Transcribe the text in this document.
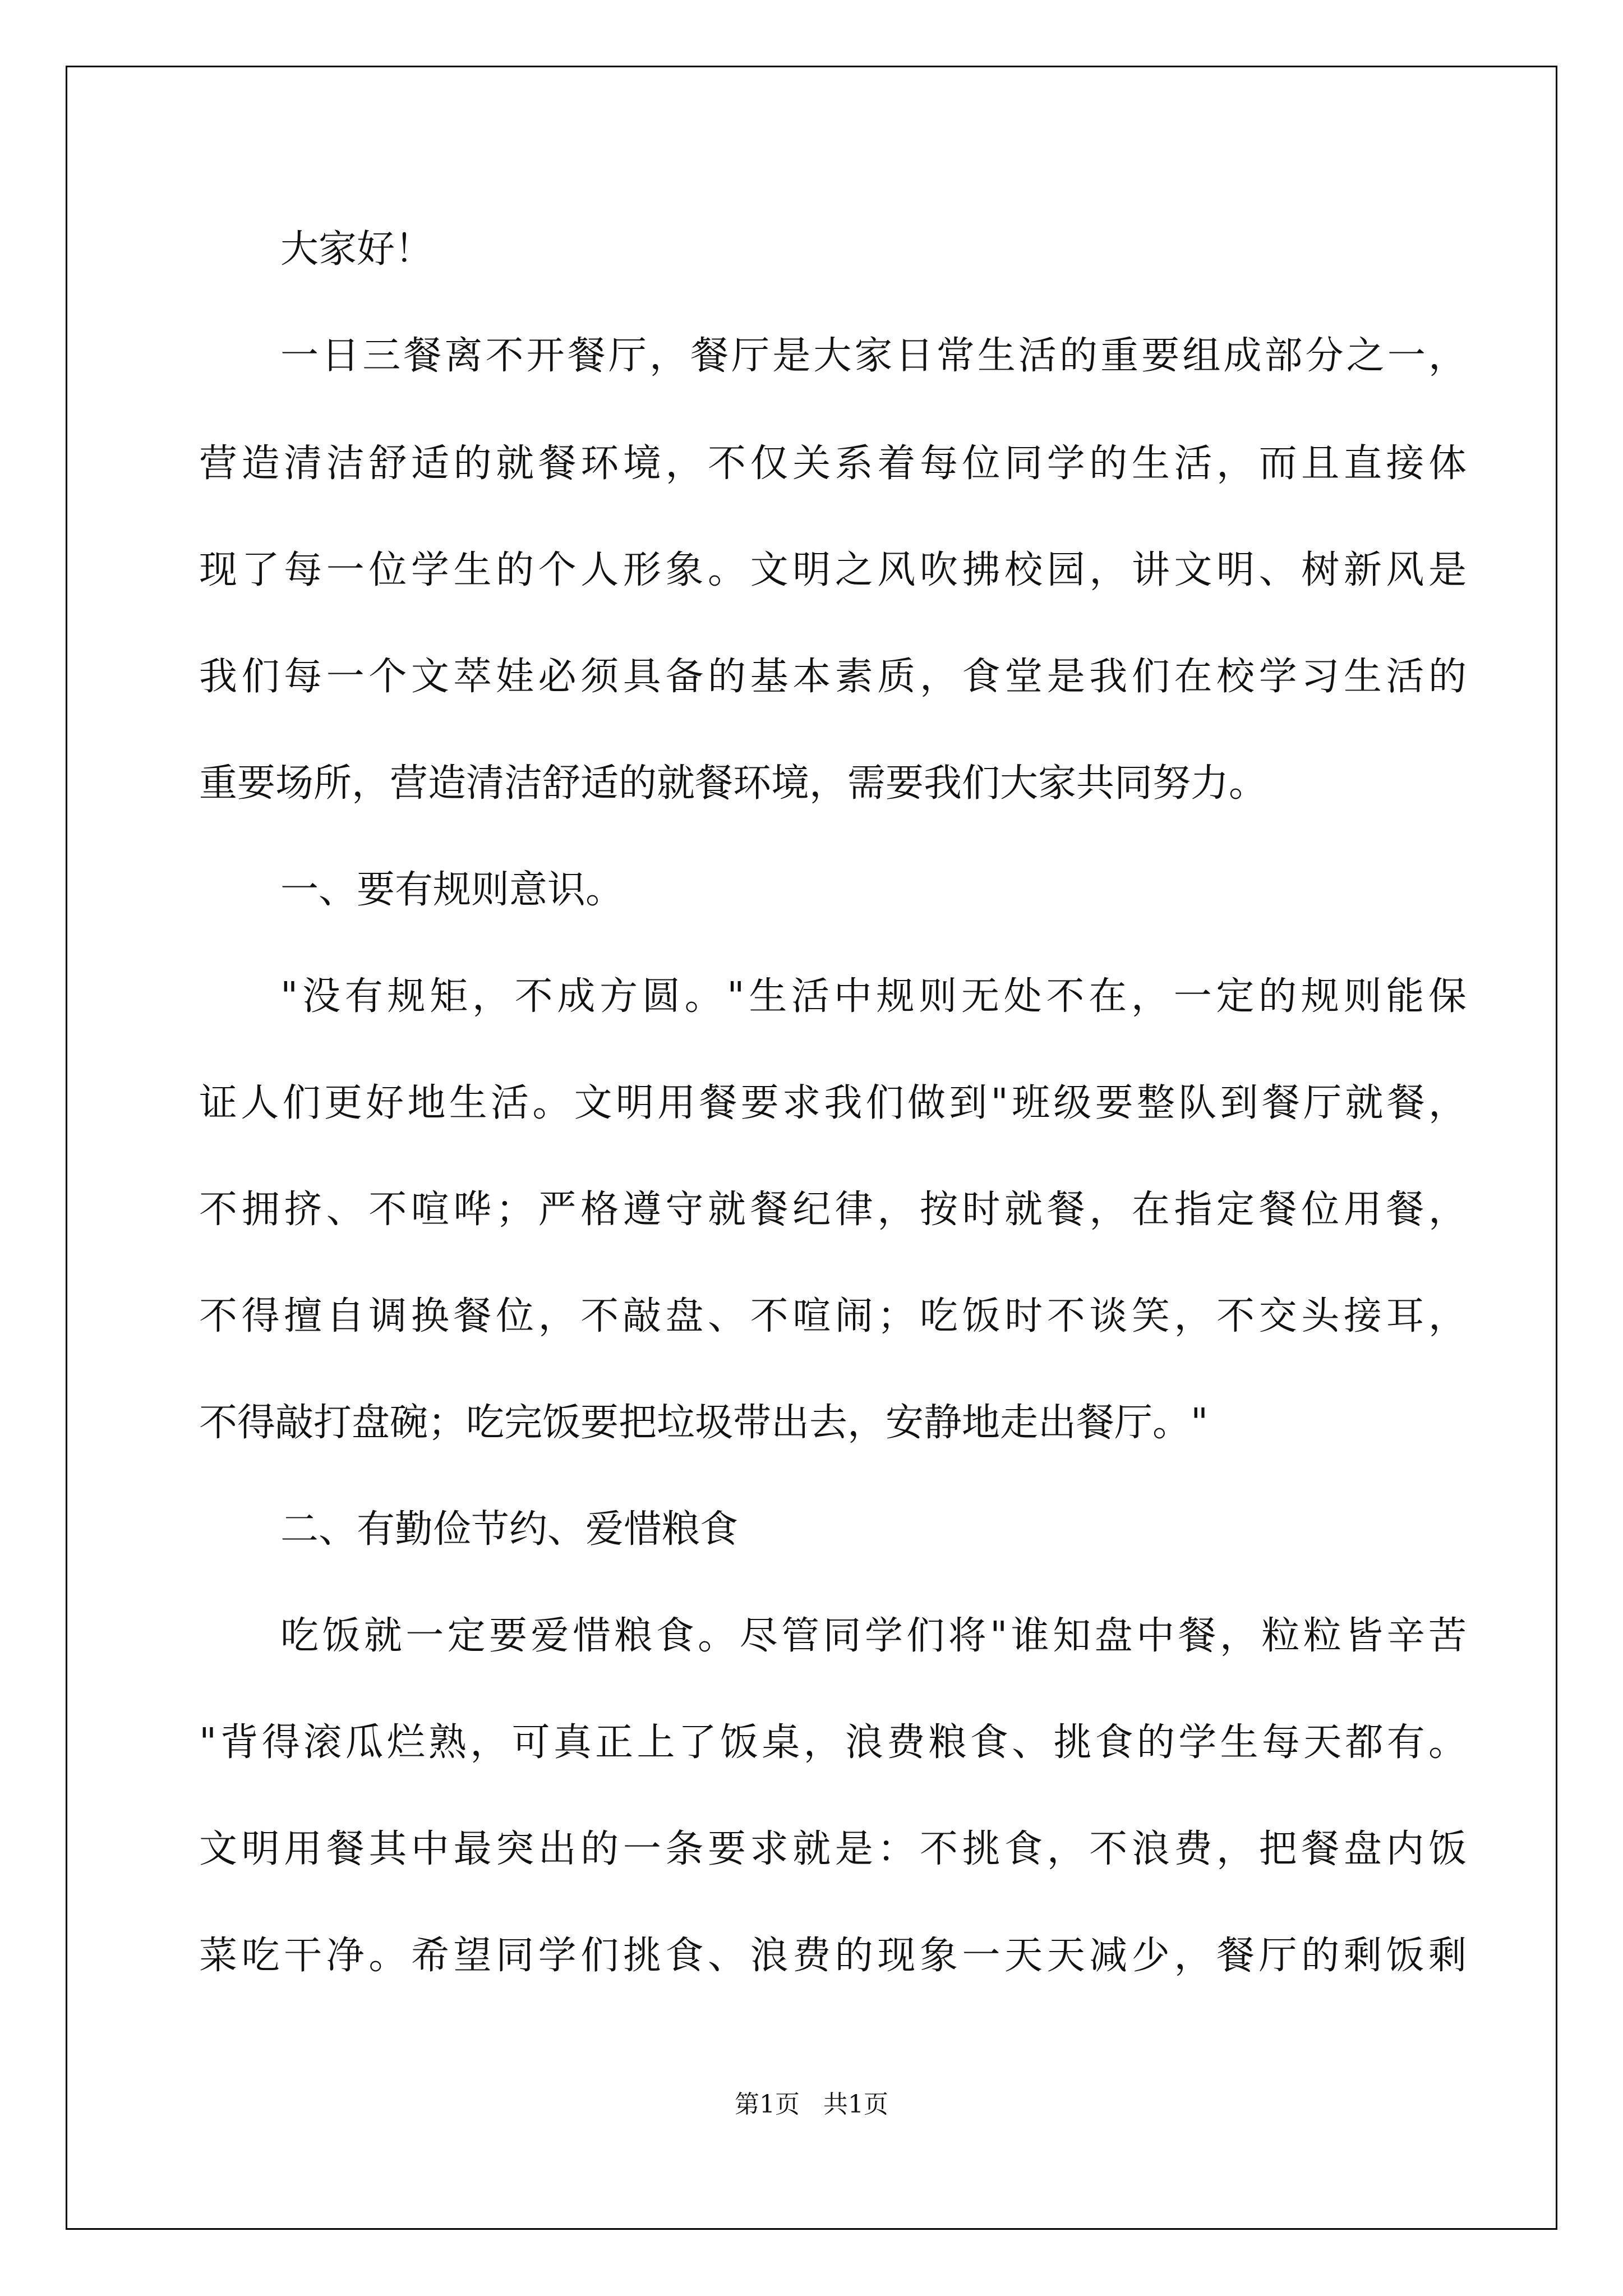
大家好！
一日三餐离不开餐厅，餐厅是大家日常生活的重要组成部分之一，
营造清洁舒适的就餐环境，不仅关系着每位同学的生活，而且直接体
现了每一位学生的个人形象。文明之风吹拂校园，讲文明、树新风是
我们每一个文萃娃必须具备的基本素质，食堂是我们在校学习生活的
重要场所，营造清洁舒适的就餐环境，需要我们大家共同努力。
一、要有规则意识。
"没有规矩，不成方圆。"生活中规则无处不在，一定的规则能保
证人们更好地生活。文明用餐要求我们做到"班级要整队到餐厅就餐，
不拥挤、不喧哗；严格遵守就餐纪律，按时就餐，在指定餐位用餐，
不得擅自调换餐位，不敲盘、不喧闹；吃饭时不谈笑，不交头接耳，
不得敲打盘碗；吃完饭要把垃圾带出去，安静地走出餐厅。"
二、有勤俭节约、爱惜粮食
吃饭就一定要爱惜粮食。尽管同学们将"谁知盘中餐，粒粒皆辛苦
"背得滚瓜烂熟，可真正上了饭桌，浪费粮食、挑食的学生每天都有。
文明用餐其中最突出的一条要求就是：不挑食，不浪费，把餐盘内饭
菜吃干净。希望同学们挑食、浪费的现象一天天减少，餐厅的剩饭剩
第1页   共1页
